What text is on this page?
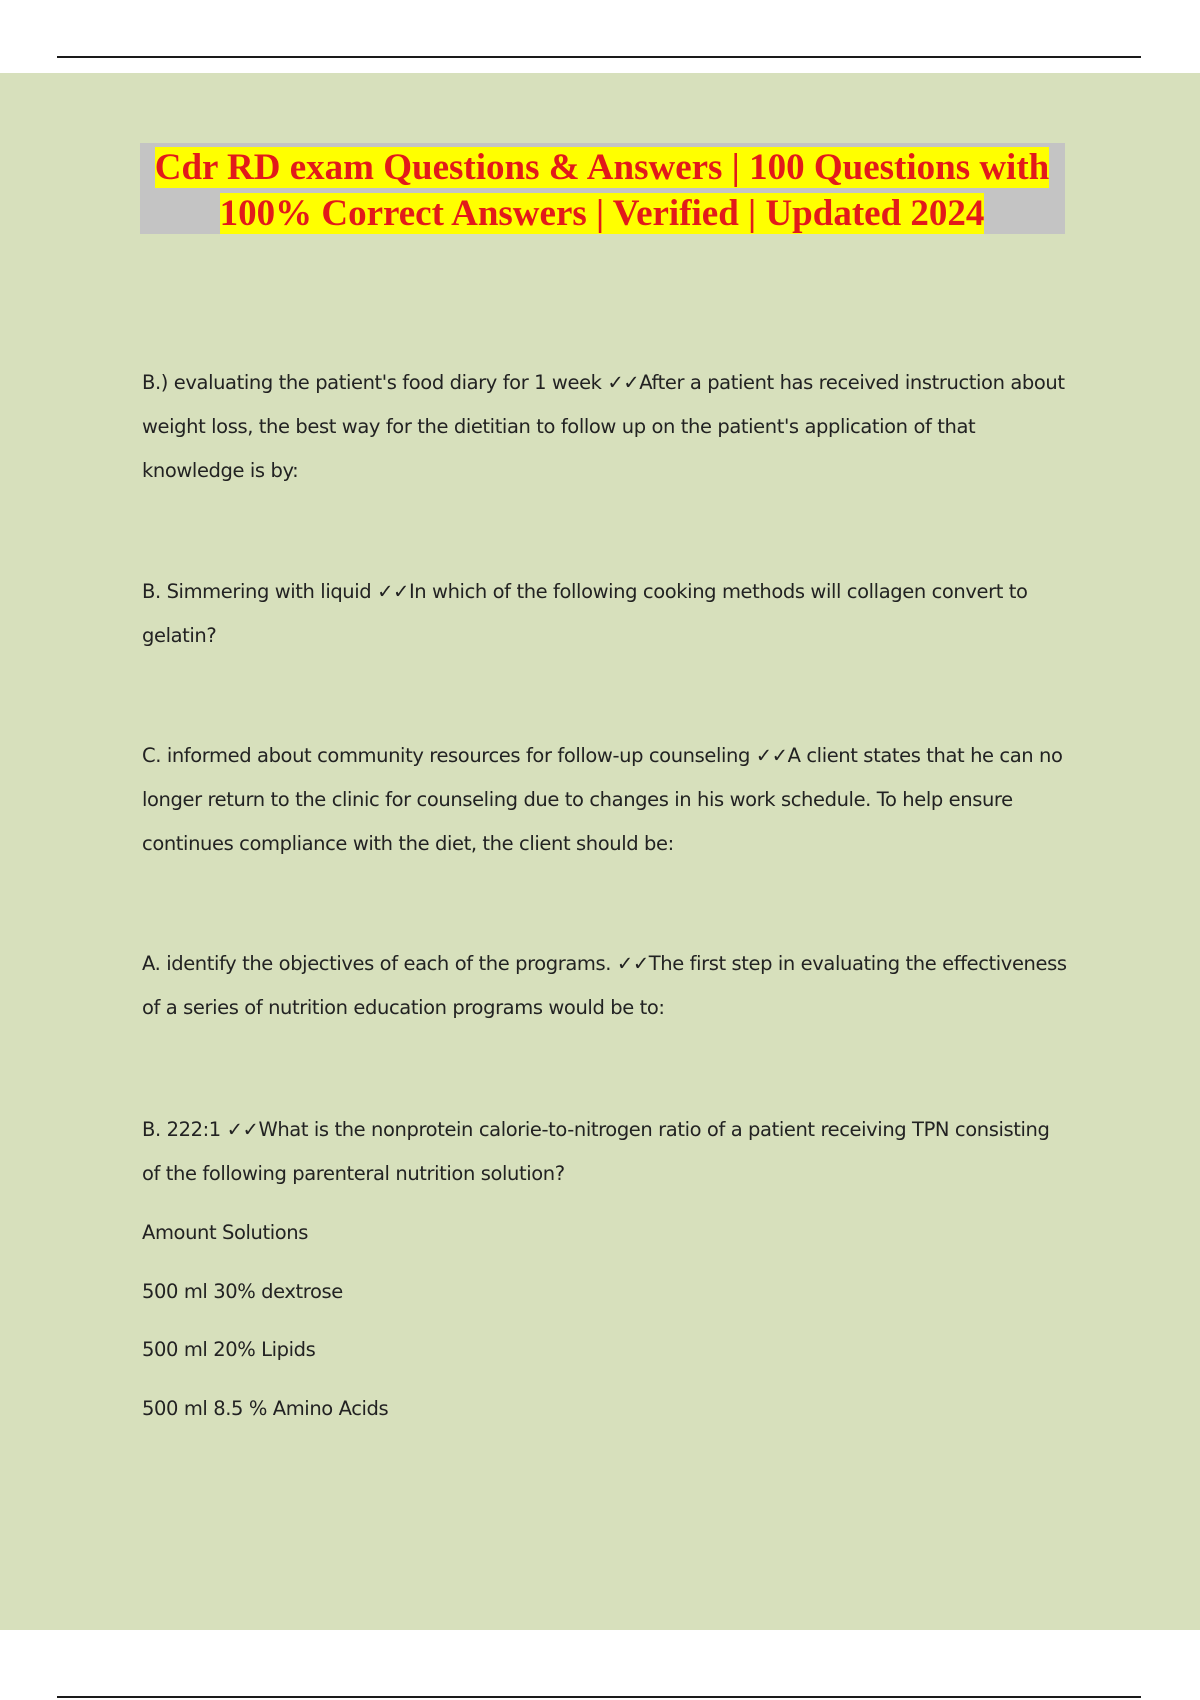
Cdr RD exam Questions & Answers | 100 Questions with 100% Correct Answers | Verified | Updated 2024

B.) evaluating the patient's food diary for 1 week ✓✓After a patient has received instruction about weight loss, the best way for the dietitian to follow up on the patient's application of that knowledge is by:

B. Simmering with liquid ✓✓In which of the following cooking methods will collagen convert to gelatin?

C. informed about community resources for follow-up counseling ✓✓A client states that he can no longer return to the clinic for counseling due to changes in his work schedule. To help ensure continues compliance with the diet, the client should be:

A. identify the objectives of each of the programs. ✓✓The first step in evaluating the effectiveness of a series of nutrition education programs would be to:

B. 222:1 ✓✓What is the nonprotein calorie-to-nitrogen ratio of a patient receiving TPN consisting of the following parenteral nutrition solution?

Amount Solutions

500 ml 30% dextrose

500 ml 20% Lipids

500 ml 8.5 % Amino Acids
